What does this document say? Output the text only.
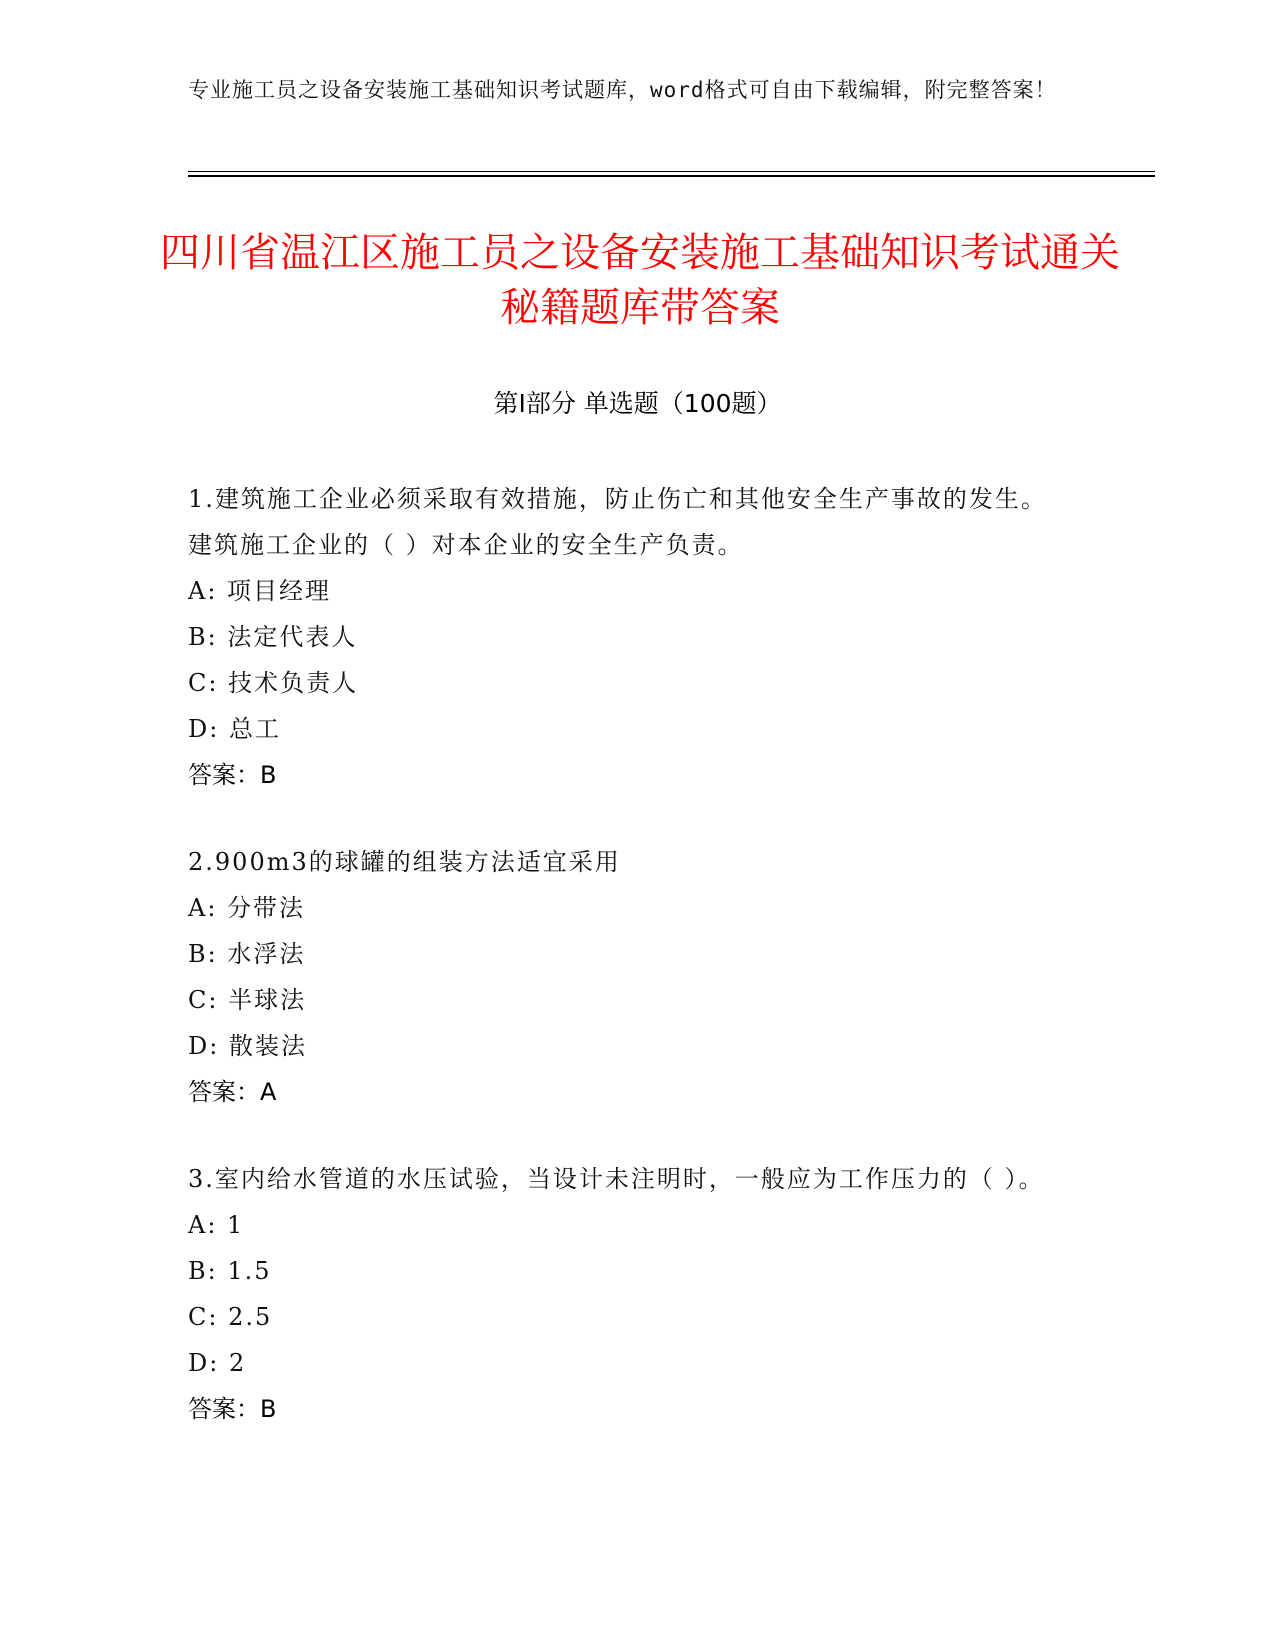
专业施工员之设备安装施工基础知识考试题库，word格式可自由下载编辑，附完整答案！
四川省温江区施工员之设备安装施工基础知识考试通关秘籍题库带答案
第Ⅰ部分 单选题（100题）
1.建筑施工企业必须采取有效措施，防止伤亡和其他安全生产事故的发生。建筑施工企业的（ ）对本企业的安全生产负责。
A: 项目经理
B: 法定代表人
C: 技术负责人
D: 总工
答案：B
2.900m3的球罐的组装方法适宜采用
A: 分带法
B: 水浮法
C: 半球法
D: 散装法
答案：A
3.室内给水管道的水压试验，当设计未注明时，一般应为工作压力的（ ）。
A: 1
B: 1.5
C: 2.5
D: 2
答案：B
